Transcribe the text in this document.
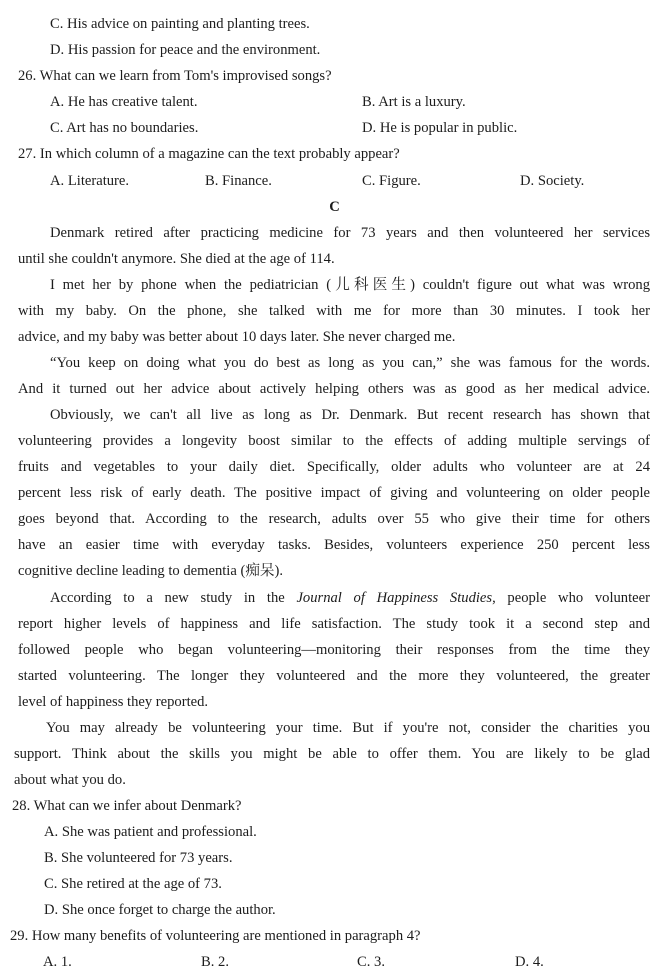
C. His advice on painting and planting trees.
D. His passion for peace and the environment.
26. What can we learn from Tom's improvised songs?
A. He has creative talent.	B. Art is a luxury.
C. Art has no boundaries.	D. He is popular in public.
27. In which column of a magazine can the text probably appear?
A. Literature.	B. Finance.	C. Figure.	D. Society.
C
Denmark retired after practicing medicine for 73 years and then volunteered her services
until she couldn't anymore. She died at the age of 114.
I met her by phone when the pediatrician (儿科医生) couldn't figure out what was wrong
with my baby. On the phone, she talked with me for more than 30 minutes. I took her
advice, and my baby was better about 10 days later. She never charged me.
“You keep on doing what you do best as long as you can,” she was famous for the words.
And it turned out her advice about actively helping others was as good as her medical advice.
Obviously, we can't all live as long as Dr. Denmark. But recent research has shown that
volunteering provides a longevity boost similar to the effects of adding multiple servings of
fruits and vegetables to your daily diet. Specifically, older adults who volunteer are at 24
percent less risk of early death. The positive impact of giving and volunteering on older people
goes beyond that. According to the research, adults over 55 who give their time for others
have an easier time with everyday tasks. Besides, volunteers experience 250 percent less
cognitive decline leading to dementia (痴呆).
According to a new study in the Journal of Happiness Studies, people who volunteer
report higher levels of happiness and life satisfaction. The study took it a second step and
followed people who began volunteering—monitoring their responses from the time they
started volunteering. The longer they volunteered and the more they volunteered, the greater
level of happiness they reported.
You may already be volunteering your time. But if you're not, consider the charities you
support. Think about the skills you might be able to offer them. You are likely to be glad
about what you do.
28. What can we infer about Denmark?
A. She was patient and professional.
B. She volunteered for 73 years.
C. She retired at the age of 73.
D. She once forget to charge the author.
29. How many benefits of volunteering are mentioned in paragraph 4?
A. 1.	B. 2.	C. 3.	D. 4.
